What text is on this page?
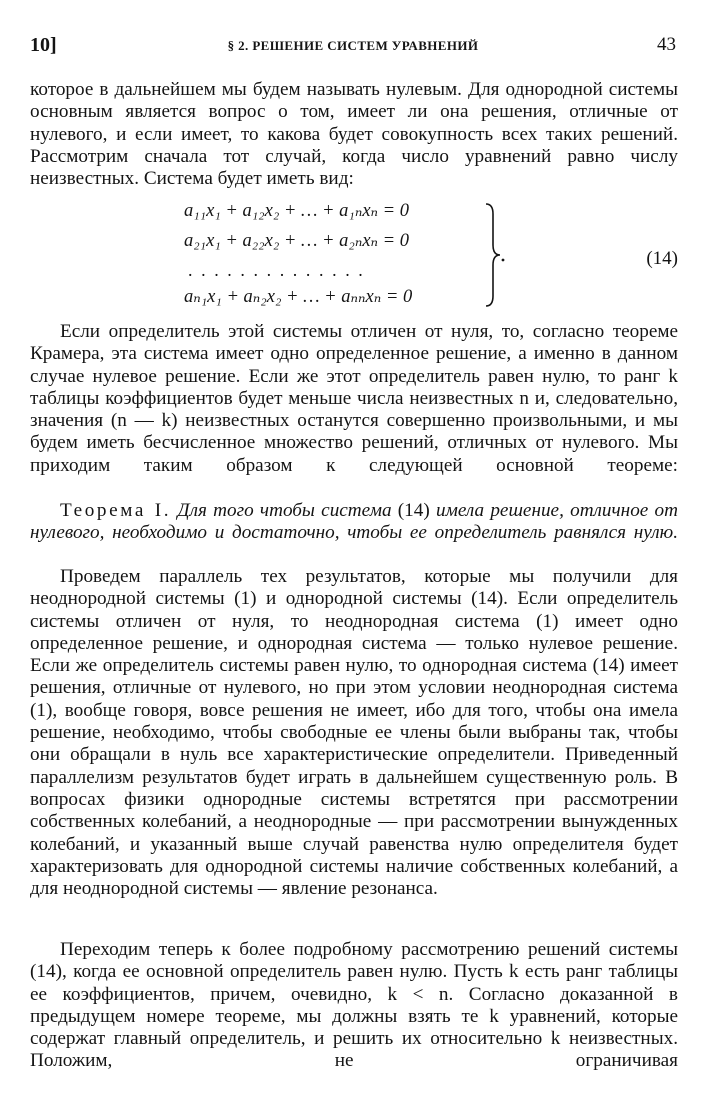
10]	§ 2. РЕШЕНИЕ СИСТЕМ УРАВНЕНИЙ	43

которое в дальнейшем мы будем называть нулевым. Для однородной системы основным является вопрос о том, имеет ли она решения, отличные от нулевого, и если имеет, то какова будет совокупность всех таких решений. Рассмотрим сначала тот случай, когда число уравнений равно числу неизвестных. Система будет иметь вид:

a₁₁x₁ + a₁₂x₂ + … + a₁ₙxₙ = 0
a₂₁x₁ + a₂₂x₂ + … + a₂ₙxₙ = 0
..............
aₙ₁x₁ + aₙ₂x₂ + … + aₙₙxₙ = 0
(14)

Если определитель этой системы отличен от нуля, то, согласно теореме Крамера, эта система имеет одно определенное решение, а именно в данном случае нулевое решение. Если же этот определитель равен нулю, то ранг k таблицы коэффициентов будет меньше числа неизвестных n и, следовательно, значения (n — k) неизвестных останутся совершенно произвольными, и мы будем иметь бесчисленное множество решений, отличных от нулевого. Мы приходим таким образом к следующей основной теореме:

Теорема I. Для того чтобы система (14) имела решение, отличное от нулевого, необходимо и достаточно, чтобы ее определитель равнялся нулю.

Проведем параллель тех результатов, которые мы получили для неоднородной системы (1) и однородной системы (14). Если определитель системы отличен от нуля, то неоднородная система (1) имеет одно определенное решение, и однородная система — только нулевое решение. Если же определитель системы равен нулю, то однородная система (14) имеет решения, отличные от нулевого, но при этом условии неоднородная система (1), вообще говоря, вовсе решения не имеет, ибо для того, чтобы она имела решение, необходимо, чтобы свободные ее члены были выбраны так, чтобы они обращали в нуль все характеристические определители. Приведенный параллелизм результатов будет играть в дальнейшем существенную роль. В вопросах физики однородные системы встретятся при рассмотрении собственных колебаний, а неоднородные — при рассмотрении вынужденных колебаний, и указанный выше случай равенства нулю определителя будет характеризовать для однородной системы наличие собственных колебаний, а для неоднородной системы — явление резонанса.

Переходим теперь к более подробному рассмотрению решений системы (14), когда ее основной определитель равен нулю. Пусть k есть ранг таблицы ее коэффициентов, причем, очевидно, k < n. Согласно доказанной в предыдущем номере теореме, мы должны взять те k уравнений, которые содержат главный определитель, и решить их относительно k неизвестных. Положим, не ограничивая
